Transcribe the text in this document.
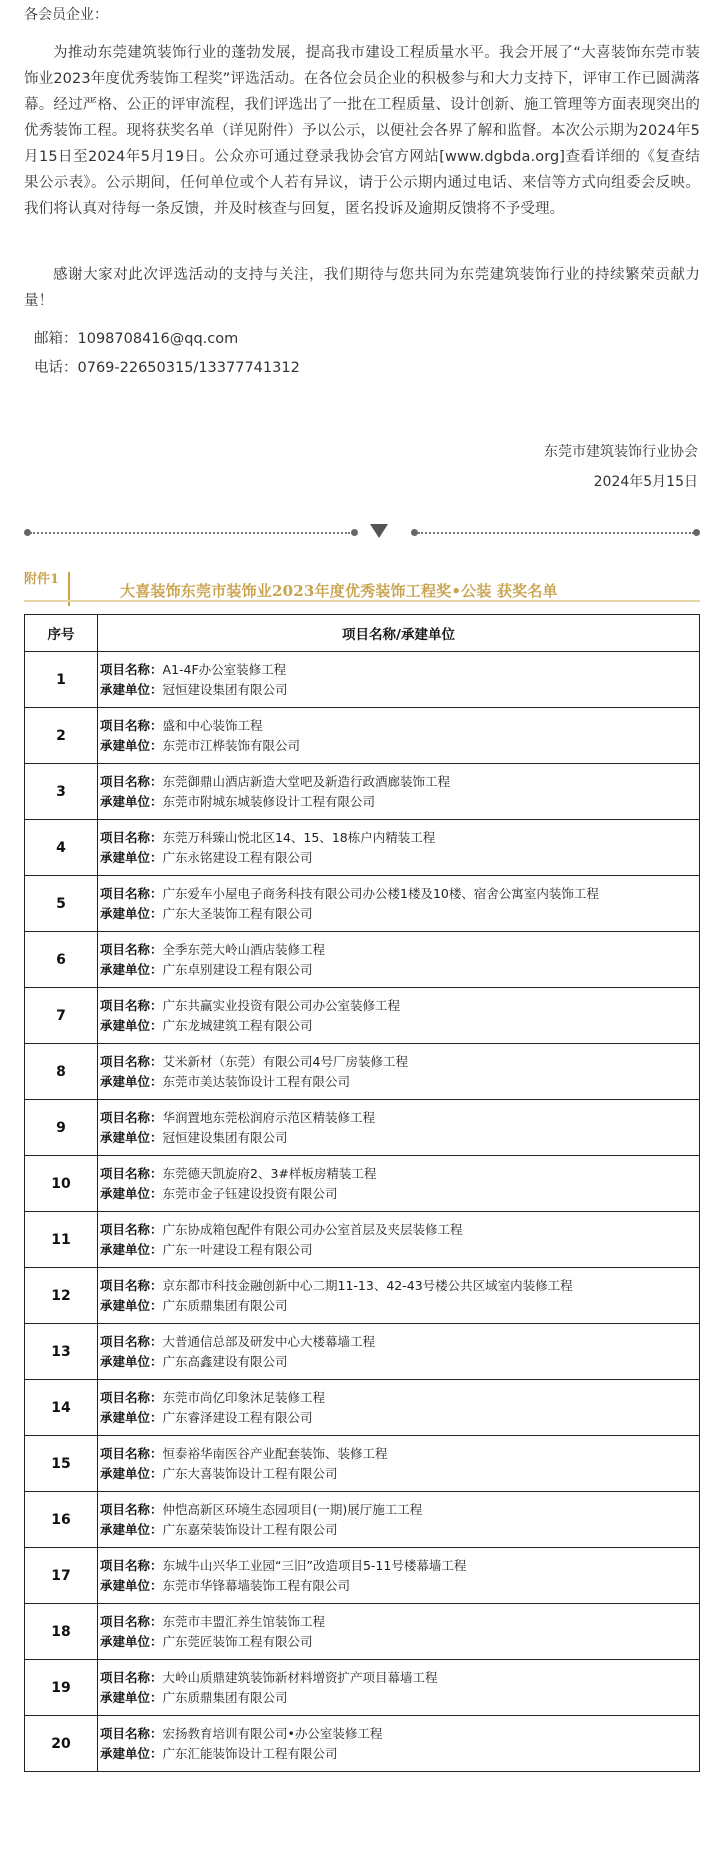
各会员企业：
为推动东莞建筑装饰行业的蓬勃发展，提高我市建设工程质量水平。我会开展了“大喜装饰东莞市装饰业2023年度优秀装饰工程奖”评选活动。在各位会员企业的积极参与和大力支持下，评审工作已圆满落幕。经过严格、公正的评审流程，我们评选出了一批在工程质量、设计创新、施工管理等方面表现突出的优秀装饰工程。现将获奖名单（详见附件）予以公示，以便社会各界了解和监督。本次公示期为2024年5月15日至2024年5月19日。公众亦可通过登录我协会官方网站[www.dgbda.org]查看详细的《复查结果公示表》。公示期间，任何单位或个人若有异议，请于公示期内通过电话、来信等方式向组委会反映。我们将认真对待每一条反馈，并及时核查与回复，匿名投诉及逾期反馈将不予受理。
感谢大家对此次评选活动的支持与关注，我们期待与您共同为东莞建筑装饰行业的持续繁荣贡献力量！
邮箱：1098708416@qq.com
电话：0769-22650315/13377741312
东莞市建筑装饰行业协会
2024年5月15日
附件1
大喜装饰东莞市装饰业2023年度优秀装饰工程奖•公装 获奖名单
序号	项目名称/承建单位
1	项目名称：A1-4F办公室装修工程
承建单位：冠恒建设集团有限公司

2	项目名称：盛和中心装饰工程
承建单位：东莞市江桦装饰有限公司

3	项目名称：东莞御鼎山酒店新造大堂吧及新造行政酒廊装饰工程
承建单位：东莞市附城东城装修设计工程有限公司

4	项目名称：东莞万科臻山悦北区14、15、18栋户内精装工程
承建单位：广东永铭建设工程有限公司

5	项目名称：广东爱车小屋电子商务科技有限公司办公楼1楼及10楼、宿舍公寓室内装饰工程
承建单位：广东大圣装饰工程有限公司

6	项目名称：全季东莞大岭山酒店装修工程
承建单位：广东卓别建设工程有限公司

7	项目名称：广东共赢实业投资有限公司办公室装修工程
承建单位：广东龙城建筑工程有限公司

8	项目名称：艾米新材（东莞）有限公司4号厂房装修工程
承建单位：东莞市美达装饰设计工程有限公司

9	项目名称：华润置地东莞松润府示范区精装修工程
承建单位：冠恒建设集团有限公司

10	项目名称：东莞德天凯旋府2、3#样板房精装工程
承建单位：东莞市金子钰建设投资有限公司

11	项目名称：广东协成箱包配件有限公司办公室首层及夹层装修工程
承建单位：广东一叶建设工程有限公司

12	项目名称：京东都市科技金融创新中心二期11-13、42-43号楼公共区域室内装修工程
承建单位：广东质鼎集团有限公司

13	项目名称：大普通信总部及研发中心大楼幕墙工程
承建单位：广东高鑫建设有限公司

14	项目名称：东莞市尚亿印象沐足装修工程
承建单位：广东睿泽建设工程有限公司

15	项目名称：恒泰裕华南医谷产业配套装饰、装修工程
承建单位：广东大喜装饰设计工程有限公司

16	项目名称：仲恺高新区环境生态园项目(一期)展厅施工工程
承建单位：广东嘉荣装饰设计工程有限公司

17	项目名称：东城牛山兴华工业园“三旧”改造项目5-11号楼幕墙工程
承建单位：东莞市华锋幕墙装饰工程有限公司

18	项目名称：东莞市丰盟汇养生馆装饰工程
承建单位：广东莞匠装饰工程有限公司

19	项目名称：大岭山质鼎建筑装饰新材料增资扩产项目幕墙工程
承建单位：广东质鼎集团有限公司

20	项目名称：宏扬教育培训有限公司•办公室装修工程
承建单位：广东汇能装饰设计工程有限公司
